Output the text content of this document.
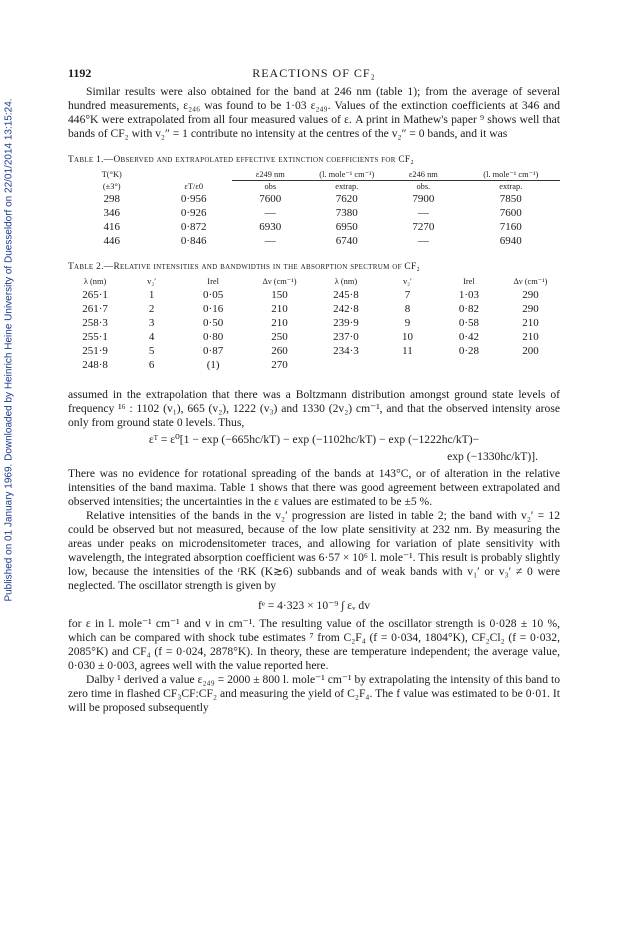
Published on 01 January 1969. Downloaded by Heinrich Heine University of Duesseldorf on 22/01/2014 13:15:24.
1192	REACTIONS OF CF₂

Similar results were also obtained for the band at 246 nm (table 1); from the average of several hundred measurements, ε₂₄₆ was found to be 1·03 ε₂₄₉. Values of the extinction coefficients at 346 and 446°K were extrapolated from all four measured values of ε. A print in Mathew's paper ⁹ shows well that bands of CF₂ with v₂″ = 1 contribute no intensity at the centres of the v₂″ = 0 bands, and it was

Table 1.—Observed and extrapolated effective extinction coefficients for CF₂
T(°K)		ε249 nm	(l. mole⁻¹ cm⁻¹)	ε246 nm	(l. mole⁻¹ cm⁻¹)
(±3°)	εT/ε0	obs	extrap.	obs.	extrap.
298	0·956	7600	7620	7900	7850
346	0·926	—	7380	—	7600
416	0·872	6930	6950	7270	7160
446	0·846	—	6740	—	6940
Table 2.—Relative intensities and bandwidths in the absorption spectrum of CF₂
λ (nm)	v₂′	Irel	Δν (cm⁻¹)	λ (nm)	v₂′	Irel	Δν (cm⁻¹)
265·1	1	0·05	150	245·8	7	1·03	290
261·7	2	0·16	210	242·8	8	0·82	290
258·3	3	0·50	210	239·9	9	0·58	210
255·1	4	0·80	250	237·0	10	0·42	210
251·9	5	0·87	260	234·3	11	0·28	200
248·8	6	(1)	270				

assumed in the extrapolation that there was a Boltzmann distribution amongst ground state levels of frequency ¹⁶ : 1102 (v₁), 665 (v₂), 1222 (v₃) and 1330 (2v₂) cm⁻¹, and that the observed intensity arose only from ground state 0 levels. Thus,

εᵀ = ε⁰[1 − exp (−665hc/kT) − exp (−1102hc/kT) − exp (−1222hc/kT)−
exp (−1330hc/kT)].

There was no evidence for rotational spreading of the bands at 143°C, or of alteration in the relative intensities of the band maxima. Table 1 shows that there was good agreement between extrapolated and observed intensities; the uncertainties in the ε values are estimated to be ±5 %.

Relative intensities of the bands in the v₂′ progression are listed in table 2; the band with v₂′ = 12 could be observed but not measured, because of the low plate sensitivity at 232 nm. By measuring the areas under peaks on microdensitometer traces, and allowing for variation of plate sensitivity with wavelength, the integrated absorption coefficient was 6·57 × 10⁶ l. mole⁻¹. This result is probably slightly low, because the intensities of the ʳRK (K≳6) subbands and of weak bands with v₁′ or v₃′ ≠ 0 were neglected. The oscillator strength is given by

fᵉ = 4·323 × 10⁻⁹ ∫ εᵥ dv

for ε in l. mole⁻¹ cm⁻¹ and v in cm⁻¹. The resulting value of the oscillator strength is 0·028 ± 10 %, which can be compared with shock tube estimates ⁷ from C₂F₄ (f = 0·034, 1804°K), CF₂Cl₂ (f = 0·032, 2085°K) and CF₄ (f = 0·024, 2878°K). In theory, these are temperature independent; the average value, 0·030 ± 0·003, agrees well with the value reported here.

Dalby ¹ derived a value ε₂₄₉ = 2000 ± 800 l. mole⁻¹ cm⁻¹ by extrapolating the intensity of this band to zero time in flashed CF₃CF:CF₂ and measuring the yield of C₂F₄. The f value was estimated to be 0·01. It will be proposed subsequently
